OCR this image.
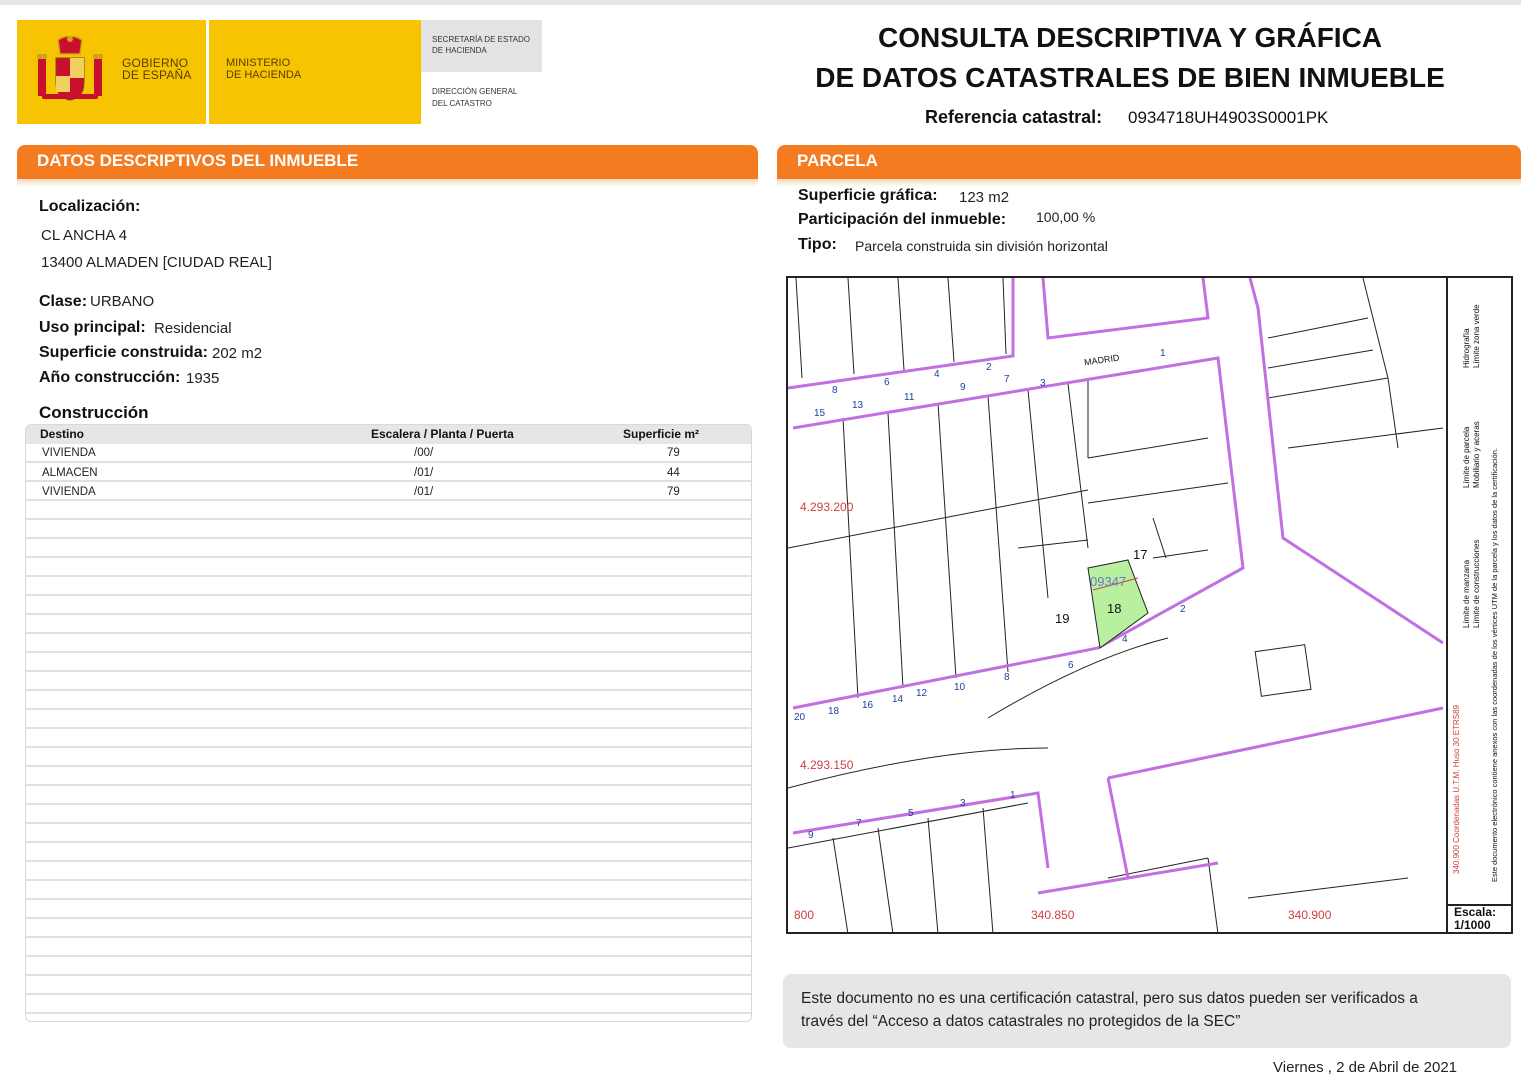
GOBIERNO
DE ESPAÑA
MINISTERIO
DE HACIENDA
SECRETARÍA DE ESTADO
DE HACIENDA
DIRECCIÓN GENERAL
DEL CATASTRO
CONSULTA DESCRIPTIVA Y GRÁFICA
DE DATOS CATASTRALES DE BIEN INMUEBLE
Referencia catastral: 0934718UH4903S0001PK
DATOS DESCRIPTIVOS DEL INMUEBLE
Localización:
CL ANCHA 4
13400 ALMADEN [CIUDAD REAL]
Clase: URBANO
Uso principal: Residencial
Superficie construida: 202 m2
Año construcción: 1935
Construcción
Destino	Escalera / Planta / Puerta	Superficie m²
VIVIENDA	/00/	79
ALMACEN	/01/	44
VIVIENDA	/01/	79
PARCELA
Superficie gráfica: 123 m2
Participación del inmueble: 100,00 %
Tipo: Parcela construida sin división horizontal
MADRID
4.293.200
4.293.150
800	340.850	340.900
09347
19
18
17
340.900 Coordenadas U.T.M. Huso 30 ETRS89
Límite de manzana
Límite de parcela
Hidrografía
Límite de construcciones
Mobiliario y aceras
Límite zona verde
Este documento electrónico contiene anexos con las coordenadas de los vértices UTM de la parcela y los datos de la certificación.
Escala:
1/1000
8
6
4
2
1
15
13
11
9
7	3
20
18
16
14
12
10
8
6
4
2
9
7
5
3
1
Este documento no es una certificación catastral, pero sus datos pueden ser verificados a
través del “Acceso a datos catastrales no protegidos de la SEC”
Viernes , 2 de Abril de 2021
